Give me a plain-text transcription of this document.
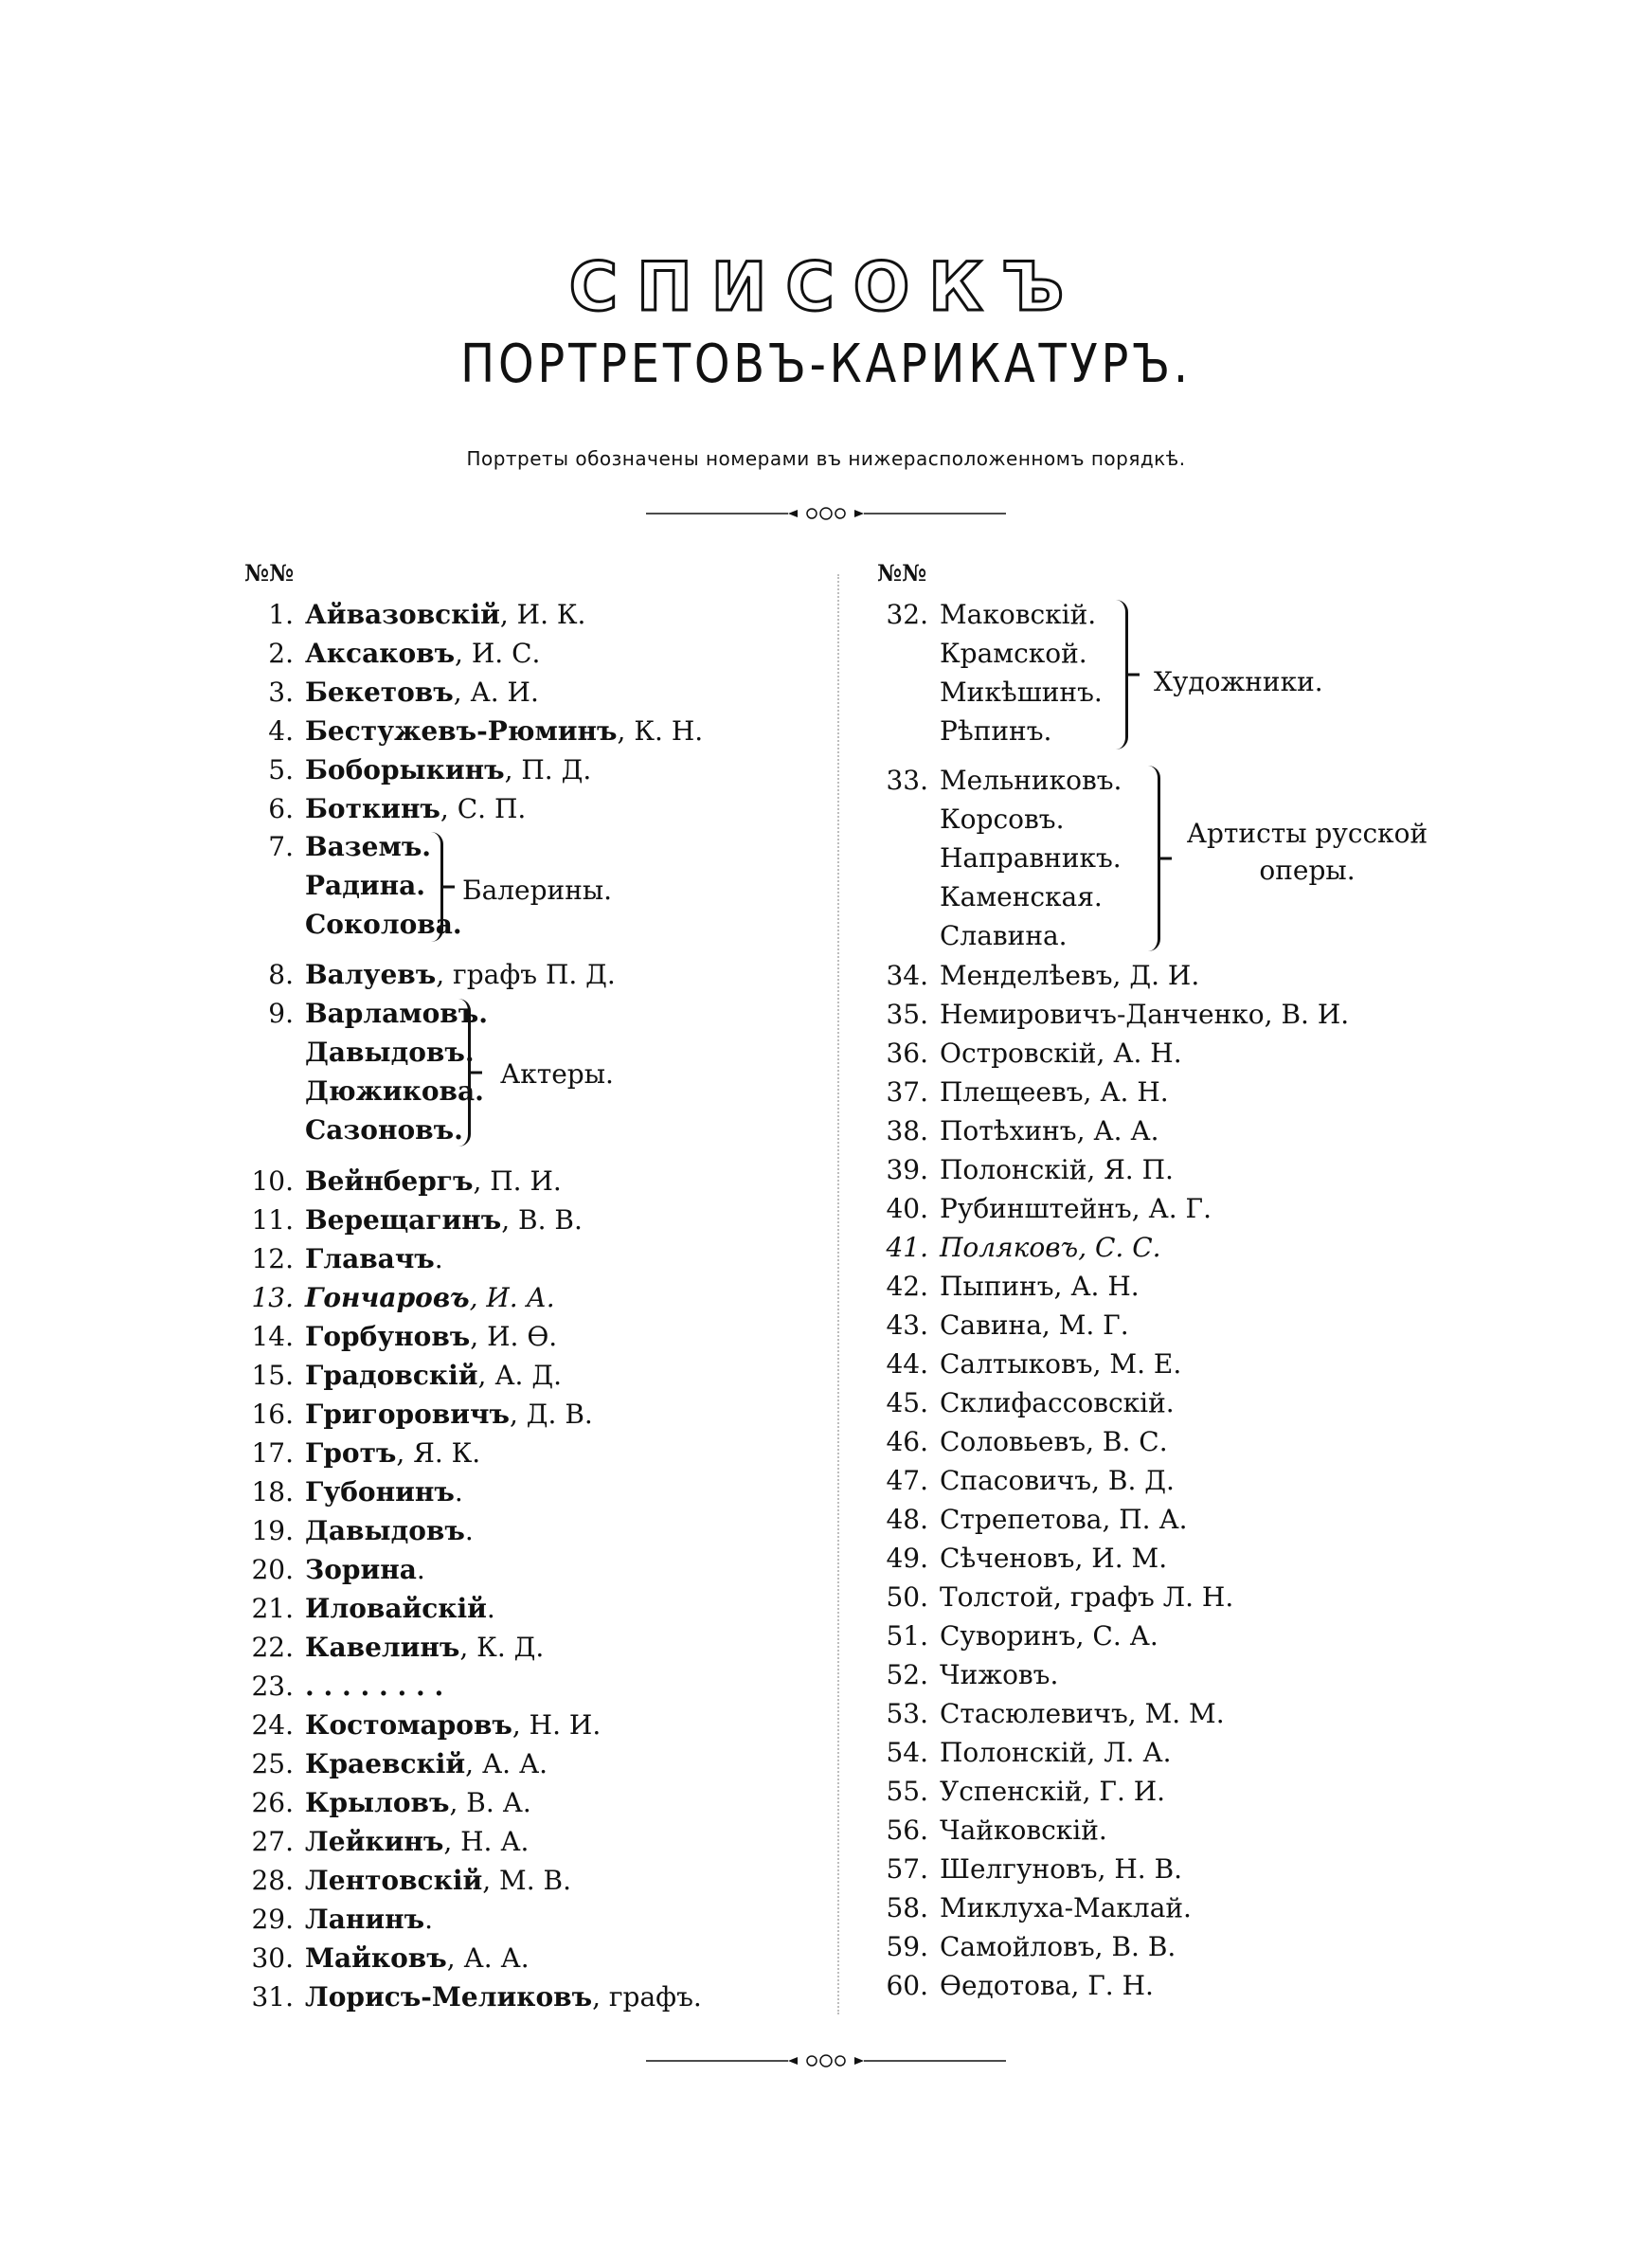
СПИСОКЪ
ПОРТРЕТОВЪ-КАРИКАТУРЪ.
Портреты обозначены номерами въ нижерасположенномъ порядкѣ.
№№
1. Айвазовскій, И. К.
2. Аксаковъ, И. С.
3. Бекетовъ, А. И.
4. Бестужевъ-Рюминъ, К. Н.
5. Боборыкинъ, П. Д.
6. Боткинъ, С. П.
8. Валуевъ, графъ П. Д.
10. Вейнбергъ, П. И.
11. Верещагинъ, В. В.
12. Главачъ.
13. Гончаровъ, И. А.
14. Горбуновъ, И. Ѳ.
15. Градовскій, А. Д.
16. Григоровичъ, Д. В.
17. Гротъ, Я. К.
18. Губонинъ.
19. Давыдовъ.
20. Зорина.
21. Иловайскій.
22. Кавелинъ, К. Д.
23. . . . . . . . .
24. Костомаровъ, Н. И.
25. Краевскій, А. А.
26. Крыловъ, В. А.
27. Лейкинъ, Н. А.
28. Лентовскій, М. В.
29. Ланинъ.
30. Майковъ, А. А.
31. Лорисъ-Меликовъ, графъ.
7. Ваземъ.
Радина.
Соколова.
Балерины.
9. Варламовъ.
Давыдовъ.
Дюжикова.
Сазоновъ.
Актеры.
№№
32. Маковскій.
Крамской.
Микѣшинъ.
Рѣпинъ.
Художники.
33. Мельниковъ.
Корсовъ.
Направникъ.
Каменская.
Славина.
Артисты русской оперы.
34. Менделѣевъ, Д. И.
35. Немировичъ-Данченко, В. И.
36. Островскій, А. Н.
37. Плещеевъ, А. Н.
38. Потѣхинъ, А. А.
39. Полонскій, Я. П.
40. Рубинштейнъ, А. Г.
41. Поляковъ, С. С.
42. Пыпинъ, А. Н.
43. Савина, М. Г.
44. Салтыковъ, М. Е.
45. Склифассовскій.
46. Соловьевъ, В. С.
47. Спасовичъ, В. Д.
48. Стрепетова, П. А.
49. Сѣченовъ, И. М.
50. Толстой, графъ Л. Н.
51. Суворинъ, С. А.
52. Чижовъ.
53. Стасюлевичъ, М. М.
54. Полонскій, Л. А.
55. Успенскій, Г. И.
56. Чайковскій.
57. Шелгуновъ, Н. В.
58. Миклуха-Маклай.
59. Самойловъ, В. В.
60. Ѳедотова, Г. Н.
